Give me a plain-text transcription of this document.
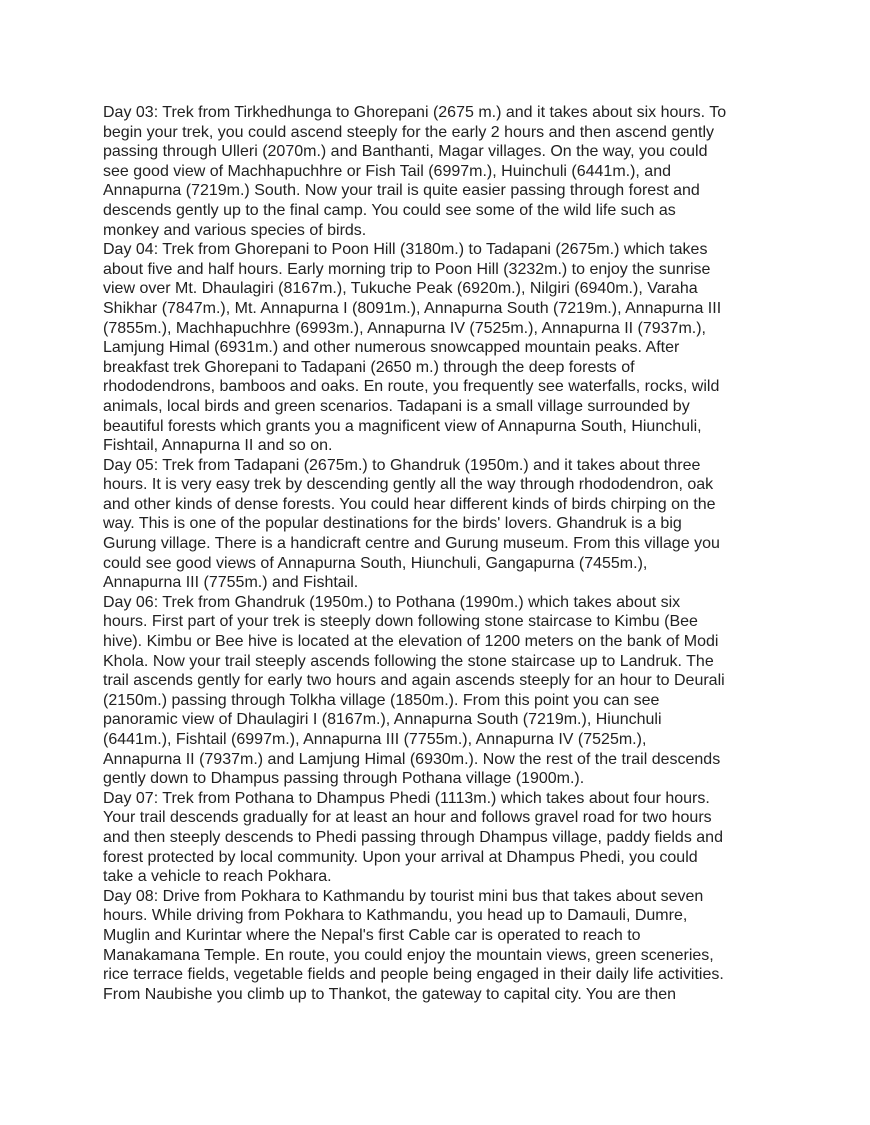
Day 03: Trek from Tirkhedhunga to Ghorepani (2675 m.) and it takes about six hours. To
begin your trek, you could ascend steeply for the early 2 hours and then ascend gently
passing through Ulleri (2070m.) and Banthanti, Magar villages. On the way, you could
see good view of Machhapuchhre or Fish Tail (6997m.), Huinchuli (6441m.), and
Annapurna (7219m.) South. Now your trail is quite easier passing through forest and
descends gently up to the final camp. You could see some of the wild life such as
monkey and various species of birds.
Day 04: Trek from Ghorepani to Poon Hill (3180m.) to Tadapani (2675m.) which takes
about five and half hours. Early morning trip to Poon Hill (3232m.) to enjoy the sunrise
view over Mt. Dhaulagiri (8167m.), Tukuche Peak (6920m.), Nilgiri (6940m.), Varaha
Shikhar (7847m.), Mt. Annapurna I (8091m.), Annapurna South (7219m.), Annapurna III
(7855m.), Machhapuchhre (6993m.), Annapurna IV (7525m.), Annapurna II (7937m.),
Lamjung Himal (6931m.) and other numerous snowcapped mountain peaks. After
breakfast trek Ghorepani to Tadapani (2650 m.) through the deep forests of
rhododendrons, bamboos and oaks. En route, you frequently see waterfalls, rocks, wild
animals, local birds and green scenarios. Tadapani is a small village surrounded by
beautiful forests which grants you a magnificent view of Annapurna South, Hiunchuli,
Fishtail, Annapurna II and so on.
Day 05: Trek from Tadapani (2675m.) to Ghandruk (1950m.) and it takes about three
hours. It is very easy trek by descending gently all the way through rhododendron, oak
and other kinds of dense forests. You could hear different kinds of birds chirping on the
way. This is one of the popular destinations for the birds' lovers. Ghandruk is a big
Gurung village. There is a handicraft centre and Gurung museum. From this village you
could see good views of Annapurna South, Hiunchuli, Gangapurna (7455m.),
Annapurna III (7755m.) and Fishtail.
Day 06: Trek from Ghandruk (1950m.) to Pothana (1990m.) which takes about six
hours. First part of your trek is steeply down following stone staircase to Kimbu (Bee
hive). Kimbu or Bee hive is located at the elevation of 1200 meters on the bank of Modi
Khola. Now your trail steeply ascends following the stone staircase up to Landruk. The
trail ascends gently for early two hours and again ascends steeply for an hour to Deurali
(2150m.) passing through Tolkha village (1850m.). From this point you can see
panoramic view of Dhaulagiri I (8167m.), Annapurna South (7219m.), Hiunchuli
(6441m.), Fishtail (6997m.), Annapurna III (7755m.), Annapurna IV (7525m.),
Annapurna II (7937m.) and Lamjung Himal (6930m.). Now the rest of the trail descends
gently down to Dhampus passing through Pothana village (1900m.).
Day 07: Trek from Pothana to Dhampus Phedi (1113m.) which takes about four hours.
Your trail descends gradually for at least an hour and follows gravel road for two hours
and then steeply descends to Phedi passing through Dhampus village, paddy fields and
forest protected by local community. Upon your arrival at Dhampus Phedi, you could
take a vehicle to reach Pokhara.
Day 08: Drive from Pokhara to Kathmandu by tourist mini bus that takes about seven
hours. While driving from Pokhara to Kathmandu, you head up to Damauli, Dumre,
Muglin and Kurintar where the Nepal's first Cable car is operated to reach to
Manakamana Temple. En route, you could enjoy the mountain views, green sceneries,
rice terrace fields, vegetable fields and people being engaged in their daily life activities.
From Naubishe you climb up to Thankot, the gateway to capital city. You are then
